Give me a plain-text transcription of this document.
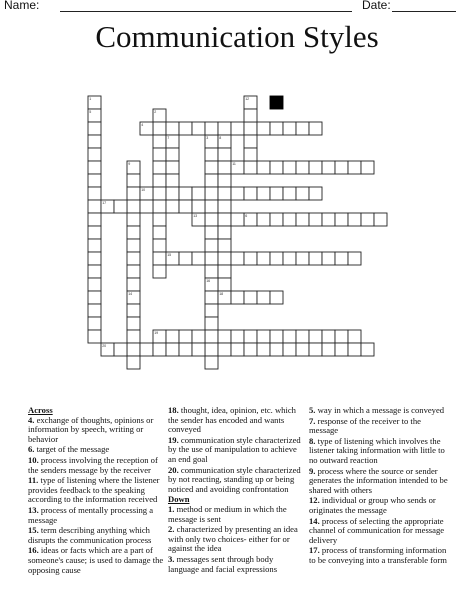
Name:	Date:
Communication Styles
1
5	2
3
4
6
7	8
9
14
10
11
12
13
15
16
17
18
19
20
Across
4. exchange of thoughts, opinions or information by speech, writing or behavior
6. target of the message
10. process involving the reception of the senders message by the receiver
11. type of listening where the listener provides feedback to the speaking according to the information received
13. process of mentally processing a message
15. term describing anything which disrupts the communication process
16. ideas or facts which are a part of someone's cause; is used to damage the opposing cause
18. thought, idea, opinion, etc. which the sender has encoded and wants conveyed
19. communication style characterized by the use of manipulation to achieve an end goal
20. communication style characterized by not reacting, standing up or being noticed and avoiding confrontation
Down
1. method or medium in which the message is sent
2. characterized by presenting an idea with only two choices- either for or against the idea
3. messages sent through body language and facial expressions
5. way in which a message is conveyed
7. response of the receiver to the message
8. type of listening which involves the listener taking information with little to no outward reaction
9. process where the source or sender generates the information intended to be shared with others
12. individual or group who sends or originates the message
14. process of selecting the appropriate channel of communication for message delivery
17. process of transforming information to be conveying into a transferable form
